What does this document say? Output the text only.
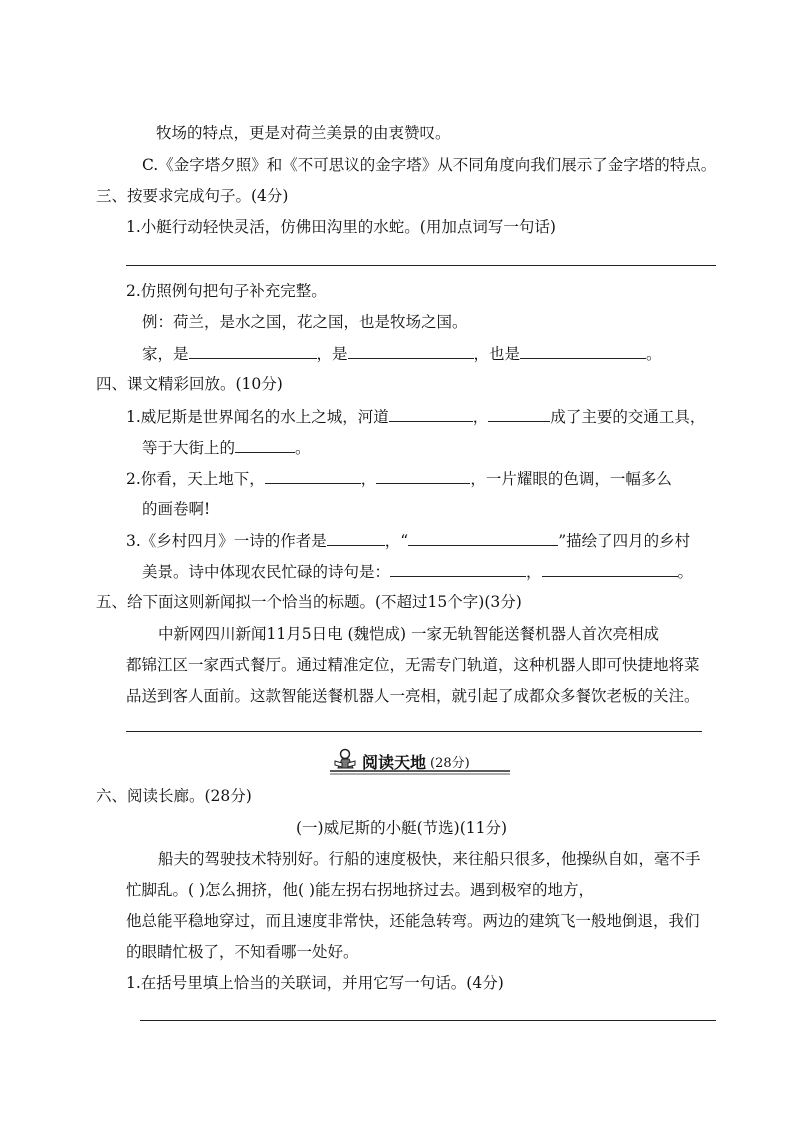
牧场的特点，更是对荷兰美景的由衷赞叹。
C.《金字塔夕照》和《不可思议的金字塔》从不同角度向我们展示了金字塔的特点。
三、按要求完成句子。(4分)
1.小艇行动轻快灵活，仿佛田沟里的水蛇。(用加点词写一句话)
2.仿照例句把句子补充完整。
例：荷兰，是水之国，花之国，也是牧场之国。
家，是	，是	，也是	。
四、课文精彩回放。(10分)
1.威尼斯是世界闻名的水上之城，河道	，	成了主要的交通工具，
等于大街上的	。
2.你看，天上地下，	，	，一片耀眼的色调，一幅多么
的画卷啊!
3.《乡村四月》一诗的作者是	，“	”描绘了四月的乡村
美景。诗中体现农民忙碌的诗句是：	，	。
五、给下面这则新闻拟一个恰当的标题。(不超过15个字)(3分)
中新网四川新闻11月5日电 (魏恺成) 一家无轨智能送餐机器人首次亮相成
都锦江区一家西式餐厅。通过精准定位，无需专门轨道，这种机器人即可快捷地将菜
品送到客人面前。这款智能送餐机器人一亮相，就引起了成都众多餐饮老板的关注。
阅读天地 (28分)
六、阅读长廊。(28分)
(一)威尼斯的小艇(节选)(11分)
船夫的驾驶技术特别好。行船的速度极快，来往船只很多，他操纵自如，毫不手
忙脚乱。( )怎么拥挤，他( )能左拐右拐地挤过去。遇到极窄的地方，
他总能平稳地穿过，而且速度非常快，还能急转弯。两边的建筑飞一般地倒退，我们
的眼睛忙极了，不知看哪一处好。
1.在括号里填上恰当的关联词，并用它写一句话。(4分)
